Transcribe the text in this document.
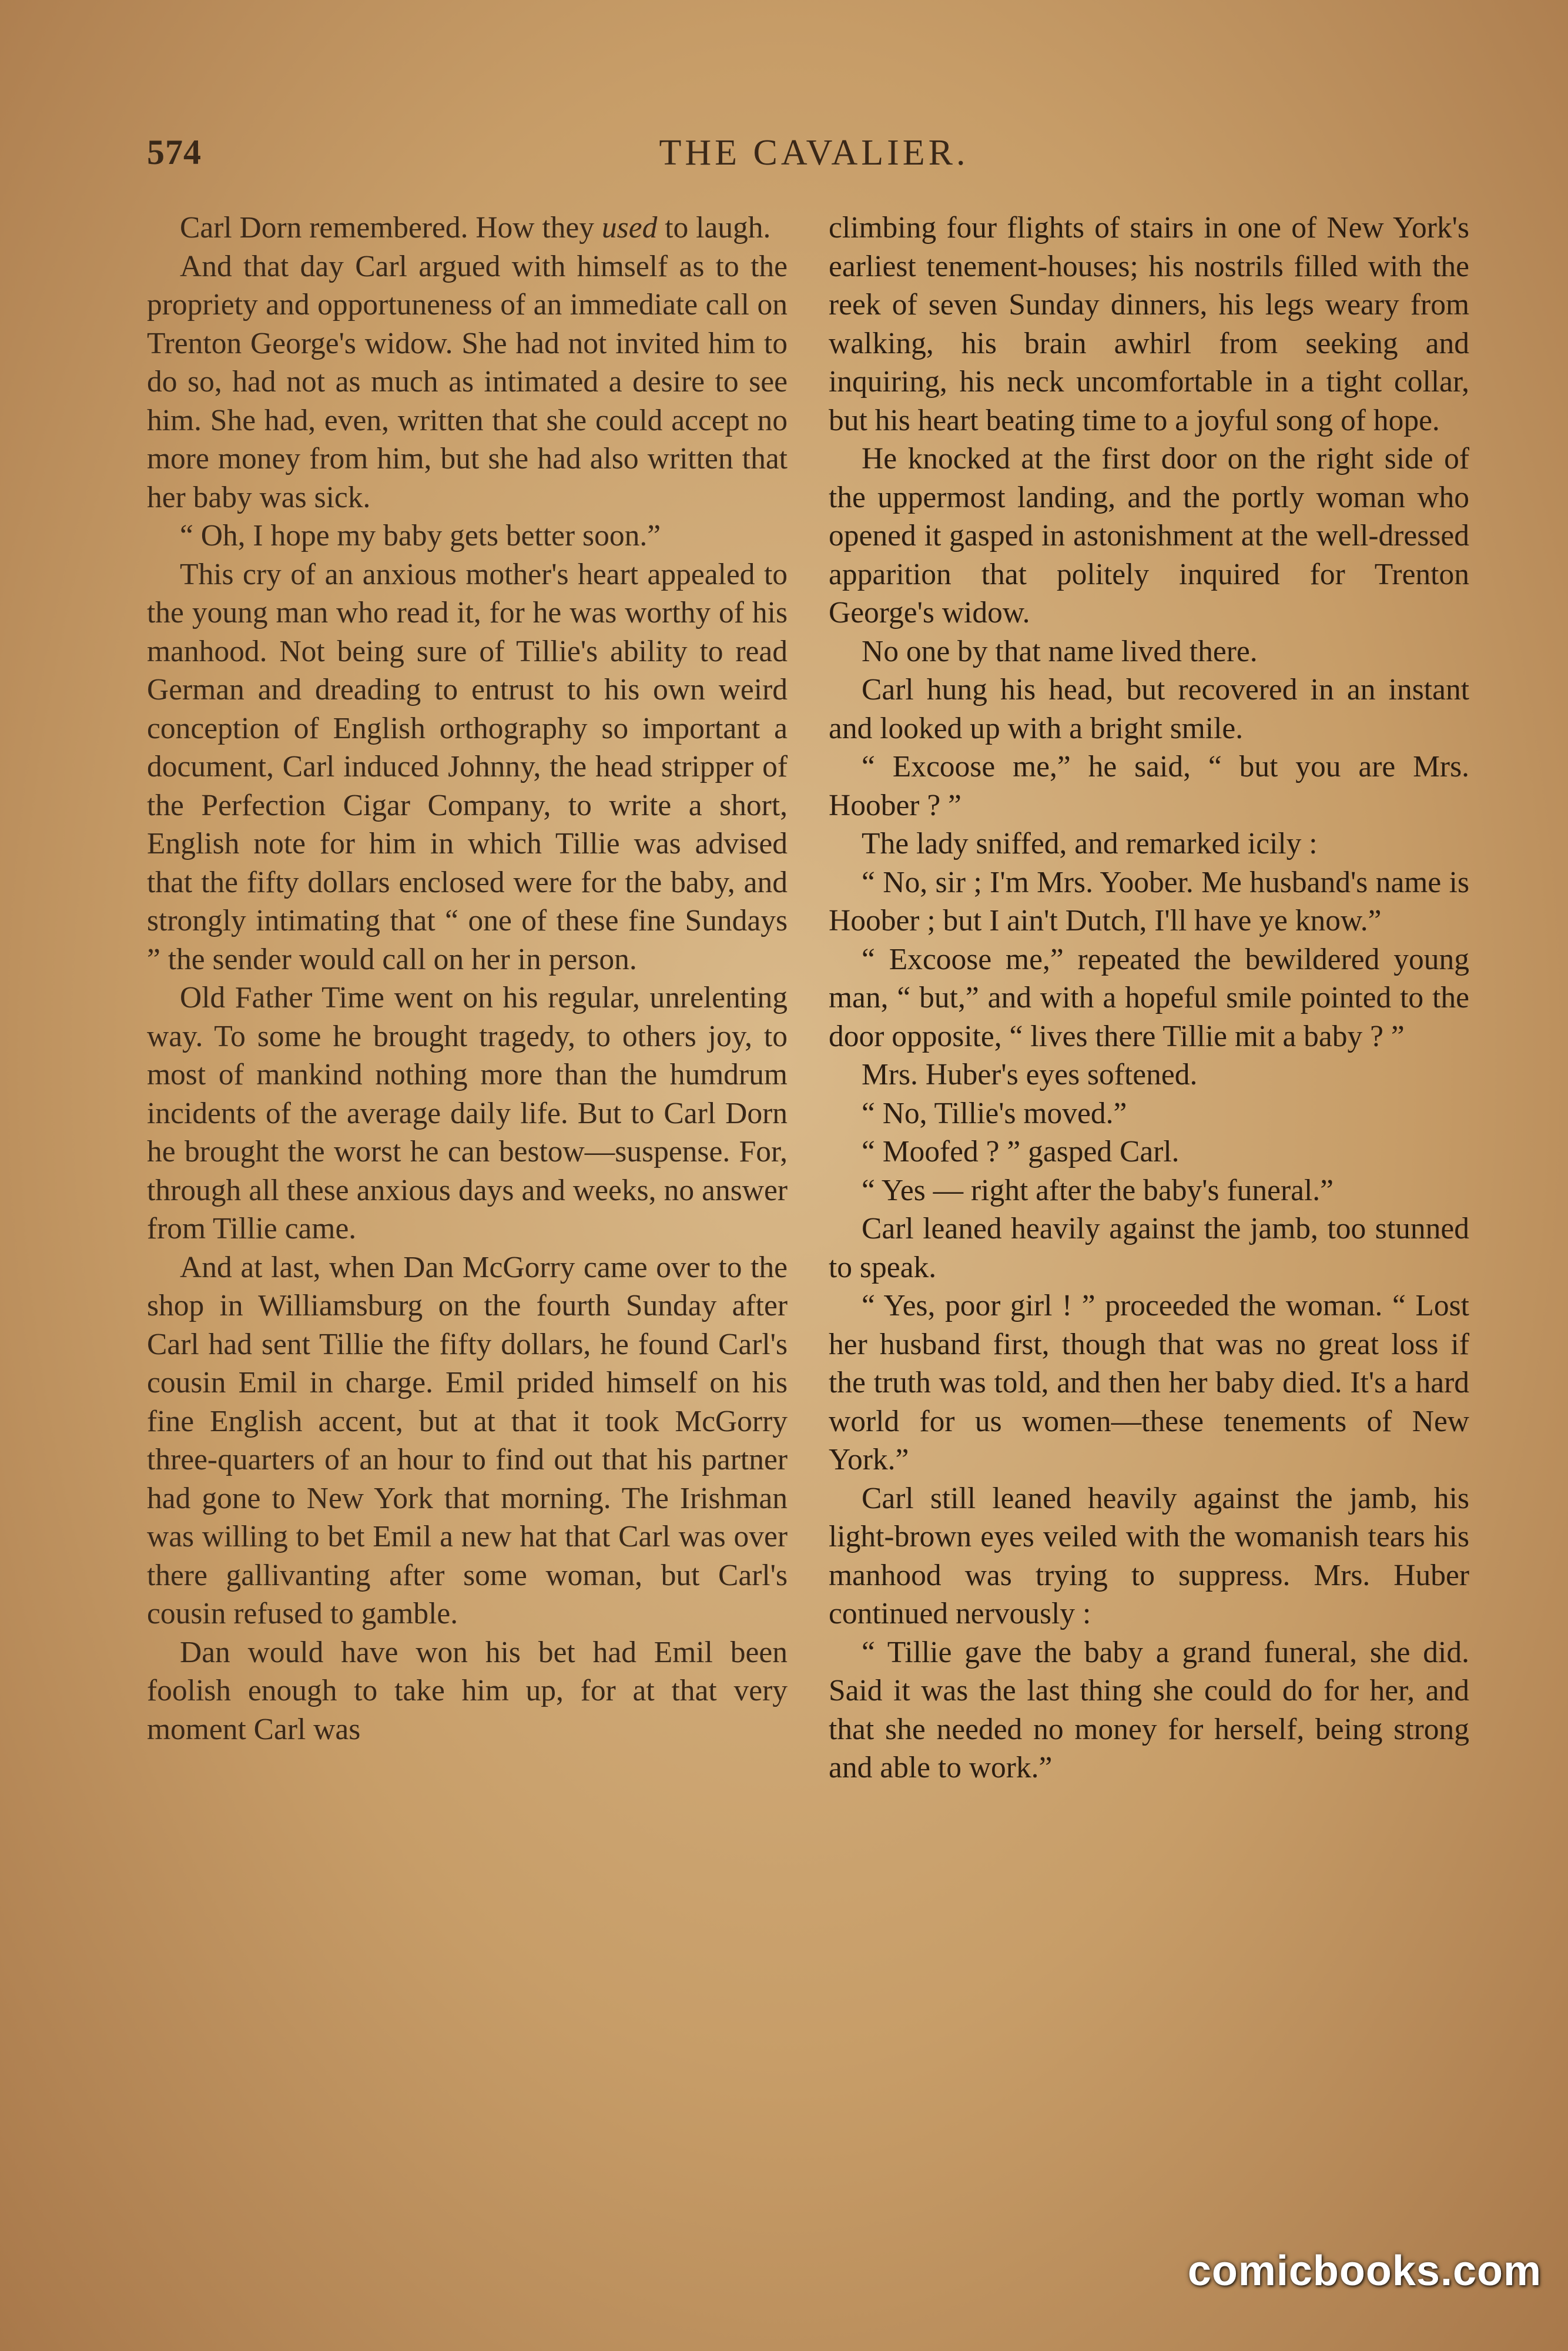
574	THE CAVALIER.

Carl Dorn remembered. How they used to laugh.

And that day Carl argued with himself as to the propriety and opportuneness of an immediate call on Trenton George's widow. She had not invited him to do so, had not as much as intimated a desire to see him. She had, even, written that she could accept no more money from him, but she had also written that her baby was sick.

“ Oh, I hope my baby gets better soon.”

This cry of an anxious mother's heart appealed to the young man who read it, for he was worthy of his manhood. Not being sure of Tillie's ability to read German and dreading to entrust to his own weird conception of English orthography so important a document, Carl induced Johnny, the head stripper of the Perfection Cigar Company, to write a short, English note for him in which Tillie was advised that the fifty dollars enclosed were for the baby, and strongly intimating that “ one of these fine Sundays ” the sender would call on her in person.

Old Father Time went on his regular, unrelenting way. To some he brought tragedy, to others joy, to most of mankind nothing more than the humdrum incidents of the average daily life. But to Carl Dorn he brought the worst he can bestow—suspense. For, through all these anxious days and weeks, no answer from Tillie came.

And at last, when Dan McGorry came over to the shop in Williamsburg on the fourth Sunday after Carl had sent Tillie the fifty dollars, he found Carl's cousin Emil in charge. Emil prided himself on his fine English accent, but at that it took McGorry three-quarters of an hour to find out that his partner had gone to New York that morning. The Irishman was willing to bet Emil a new hat that Carl was over there gallivanting after some woman, but Carl's cousin refused to gamble.

Dan would have won his bet had Emil been foolish enough to take him up, for at that very moment Carl was

climbing four flights of stairs in one of New York's earliest tenement-houses; his nostrils filled with the reek of seven Sunday dinners, his legs weary from walking, his brain awhirl from seeking and inquiring, his neck uncomfortable in a tight collar, but his heart beating time to a joyful song of hope.

He knocked at the first door on the right side of the uppermost landing, and the portly woman who opened it gasped in astonishment at the well-dressed apparition that politely inquired for Trenton George's widow.

No one by that name lived there.

Carl hung his head, but recovered in an instant and looked up with a bright smile.

“ Excoose me,” he said, “ but you are Mrs. Hoober ? ”

The lady sniffed, and remarked icily :

“ No, sir ; I'm Mrs. Yoober. Me husband's name is Hoober ; but I ain't Dutch, I'll have ye know.”

“ Excoose me,” repeated the bewildered young man, “ but,” and with a hopeful smile pointed to the door opposite, “ lives there Tillie mit a baby ? ”

Mrs. Huber's eyes softened.

“ No, Tillie's moved.”

“ Moofed ? ” gasped Carl.

“ Yes — right after the baby's funeral.”

Carl leaned heavily against the jamb, too stunned to speak.

“ Yes, poor girl ! ” proceeded the woman. “ Lost her husband first, though that was no great loss if the truth was told, and then her baby died. It's a hard world for us women—these tenements of New York.”

Carl still leaned heavily against the jamb, his light-brown eyes veiled with the womanish tears his manhood was trying to suppress. Mrs. Huber continued nervously :

“ Tillie gave the baby a grand funeral, she did. Said it was the last thing she could do for her, and that she needed no money for herself, being strong and able to work.”

comicbooks.com
